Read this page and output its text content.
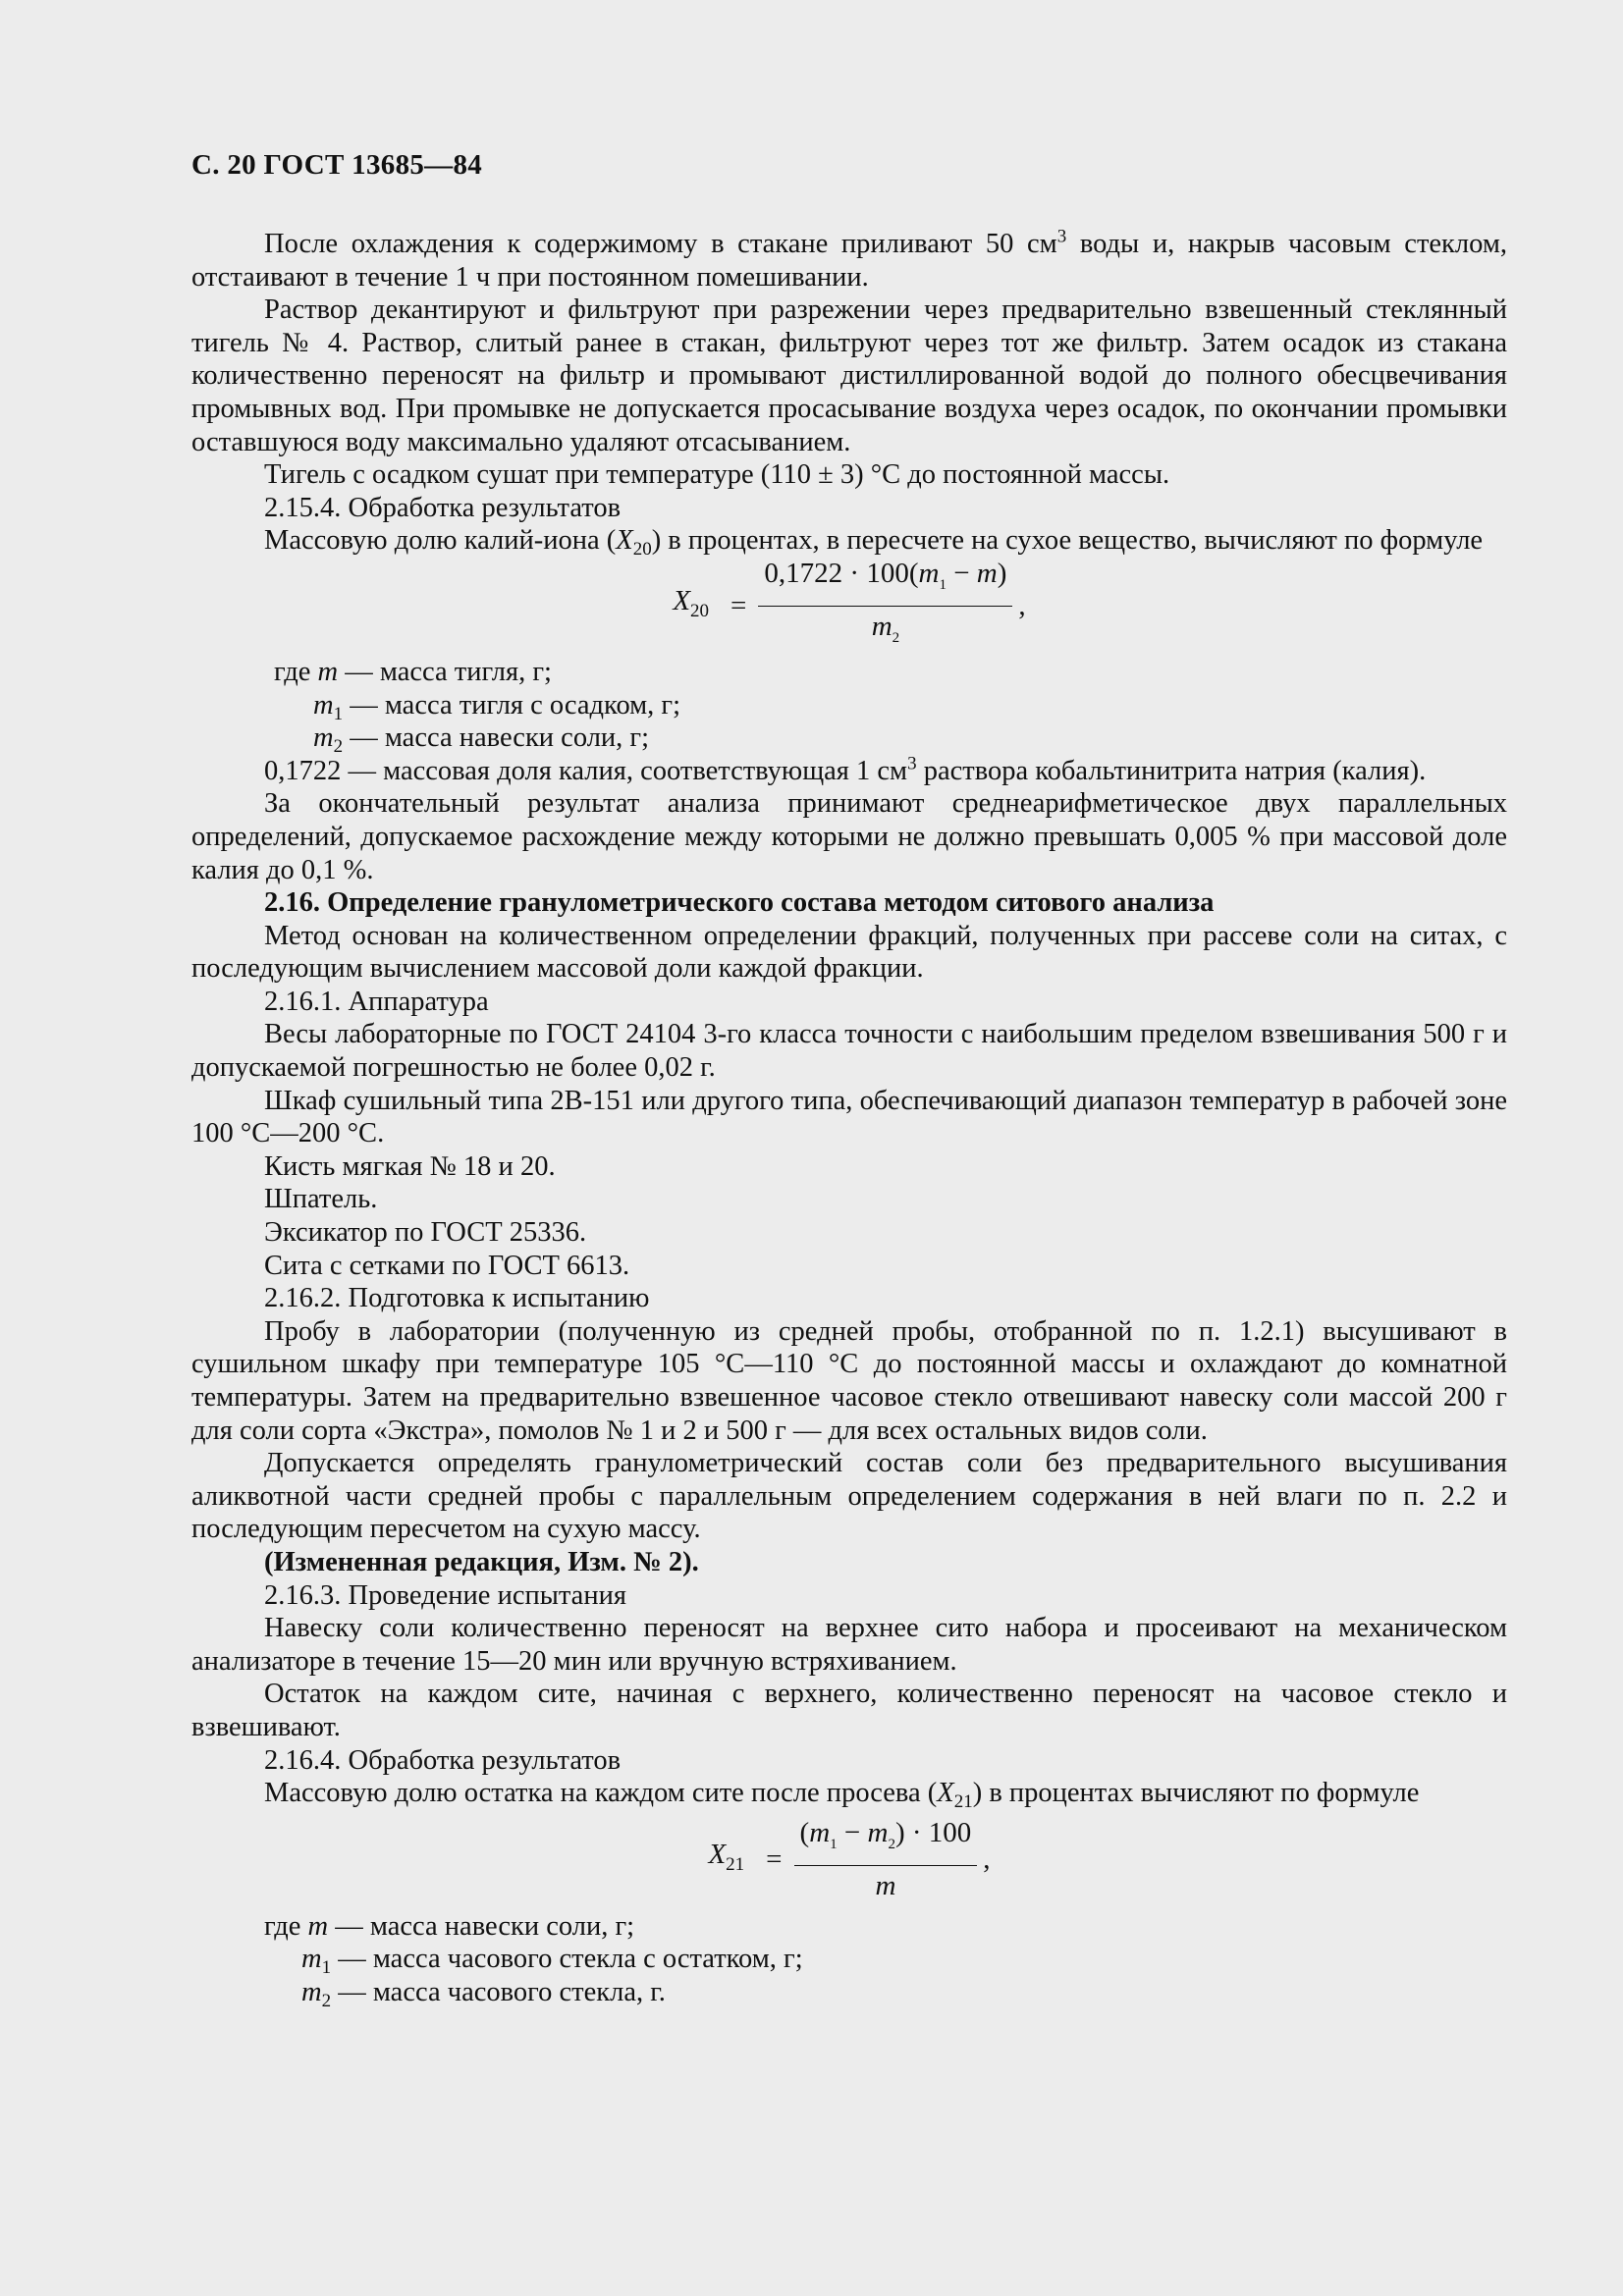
С. 20 ГОСТ 13685—84

После охлаждения к содержимому в стакане приливают 50 $см^3$ воды и, накрыв часовым стеклом, отстаивают в течение 1 ч при постоянном помешивании.

Раствор декантируют и фильтруют при разрежении через предварительно взвешенный стеклянный тигель № 4. Раствор, слитый ранее в стакан, фильтруют через тот же фильтр. Затем осадок из стакана количественно переносят на фильтр и промывают дистиллированной водой до полного обесцвечивания промывных вод. При промывке не допускается просасывание воздуха через осадок, по окончании промывки оставшуюся воду максимально удаляют отсасыванием.

Тигель с осадком сушат при температуре (110 ± 3) °С до постоянной массы.

2.15.4. Обработка результатов

Массовую долю калий-иона $(X_{20})$ в процентах, в пересчете на сухое вещество, вычисляют по формуле

$X_{20} = \frac{0,1722 \cdot 100(m_1 - m)}{m_2}$ ,

где m — масса тигля, г;

$m_1$ — масса тигля с осадком, г;

$m_2$ — масса навески соли, г;

0,1722 — массовая доля калия, соответствующая 1 $см^3$ раствора кобальтинитрита натрия (калия).

За окончательный результат анализа принимают среднеарифметическое двух параллельных определений, допускаемое расхождение между которыми не должно превышать 0,005 % при массовой доле калия до 0,1 %.

2.16. Определение гранулометрического состава методом ситового анализа

Метод основан на количественном определении фракций, полученных при рассеве соли на ситах, с последующим вычислением массовой доли каждой фракции.

2.16.1. Аппаратура

Весы лабораторные по ГОСТ 24104 3-го класса точности с наибольшим пределом взвешивания 500 г и допускаемой погрешностью не более 0,02 г.

Шкаф сушильный типа 2В-151 или другого типа, обеспечивающий диапазон температур в рабочей зоне 100 °С—200 °С.

Кисть мягкая № 18 и 20.

Шпатель.

Эксикатор по ГОСТ 25336.

Сита с сетками по ГОСТ 6613.

2.16.2. Подготовка к испытанию

Пробу в лаборатории (полученную из средней пробы, отобранной по п. 1.2.1) высушивают в сушильном шкафу при температуре 105 °С—110 °С до постоянной массы и охлаждают до комнатной температуры. Затем на предварительно взвешенное часовое стекло отвешивают навеску соли массой 200 г для соли сорта «Экстра», помолов № 1 и 2 и 500 г — для всех остальных видов соли.

Допускается определять гранулометрический состав соли без предварительного высушивания аликвотной части средней пробы с параллельным определением содержания в ней влаги по п. 2.2 и последующим пересчетом на сухую массу.

(Измененная редакция, Изм. № 2).

2.16.3. Проведение испытания

Навеску соли количественно переносят на верхнее сито набора и просеивают на механическом анализаторе в течение 15—20 мин или вручную встряхиванием.

Остаток на каждом сите, начиная с верхнего, количественно переносят на часовое стекло и взвешивают.

2.16.4. Обработка результатов

Массовую долю остатка на каждом сите после просева $(X_{21})$ в процентах вычисляют по формуле

$X_{21} = \frac{(m_1 - m_2) \cdot 100}{m}$ ,

где m — масса навески соли, г;

$m_1$ — масса часового стекла с остатком, г;

$m_2$ — масса часового стекла, г.
